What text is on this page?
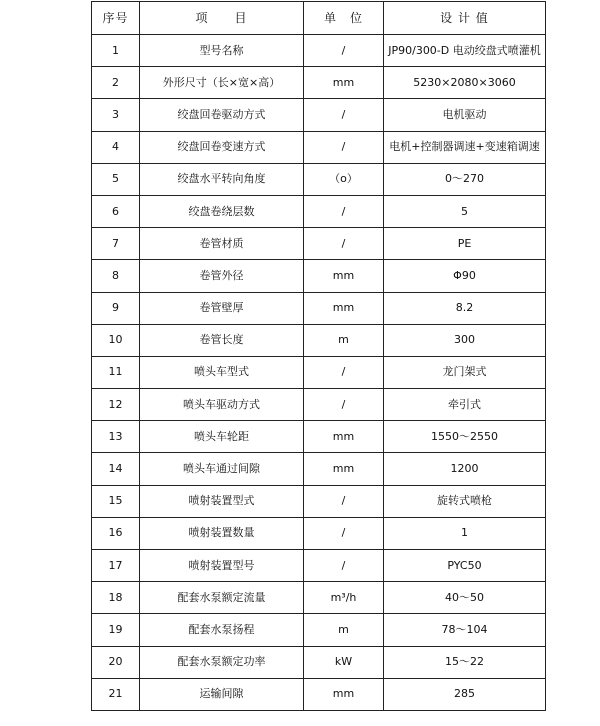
序号	项　　目	单　位	设 计 值
1	型号名称	/	JP90/300-D 电动绞盘式喷灌机
2	外形尺寸（长×宽×高）	mm	5230×2080×3060
3	绞盘回卷驱动方式	/	电机驱动
4	绞盘回卷变速方式	/	电机+控制器调速+变速箱调速
5	绞盘水平转向角度	（o）	0～270
6	绞盘卷绕层数	/	5
7	卷管材质	/	PE
8	卷管外径	mm	Φ90
9	卷管壁厚	mm	8.2
10	卷管长度	m	300
11	喷头车型式	/	龙门架式
12	喷头车驱动方式	/	牵引式
13	喷头车轮距	mm	1550～2550
14	喷头车通过间隙	mm	1200
15	喷射装置型式	/	旋转式喷枪
16	喷射装置数量	/	1
17	喷射装置型号	/	PYC50
18	配套水泵额定流量	m³/h	40～50
19	配套水泵扬程	m	78～104
20	配套水泵额定功率	kW	15～22
21	运输间隙	mm	285
